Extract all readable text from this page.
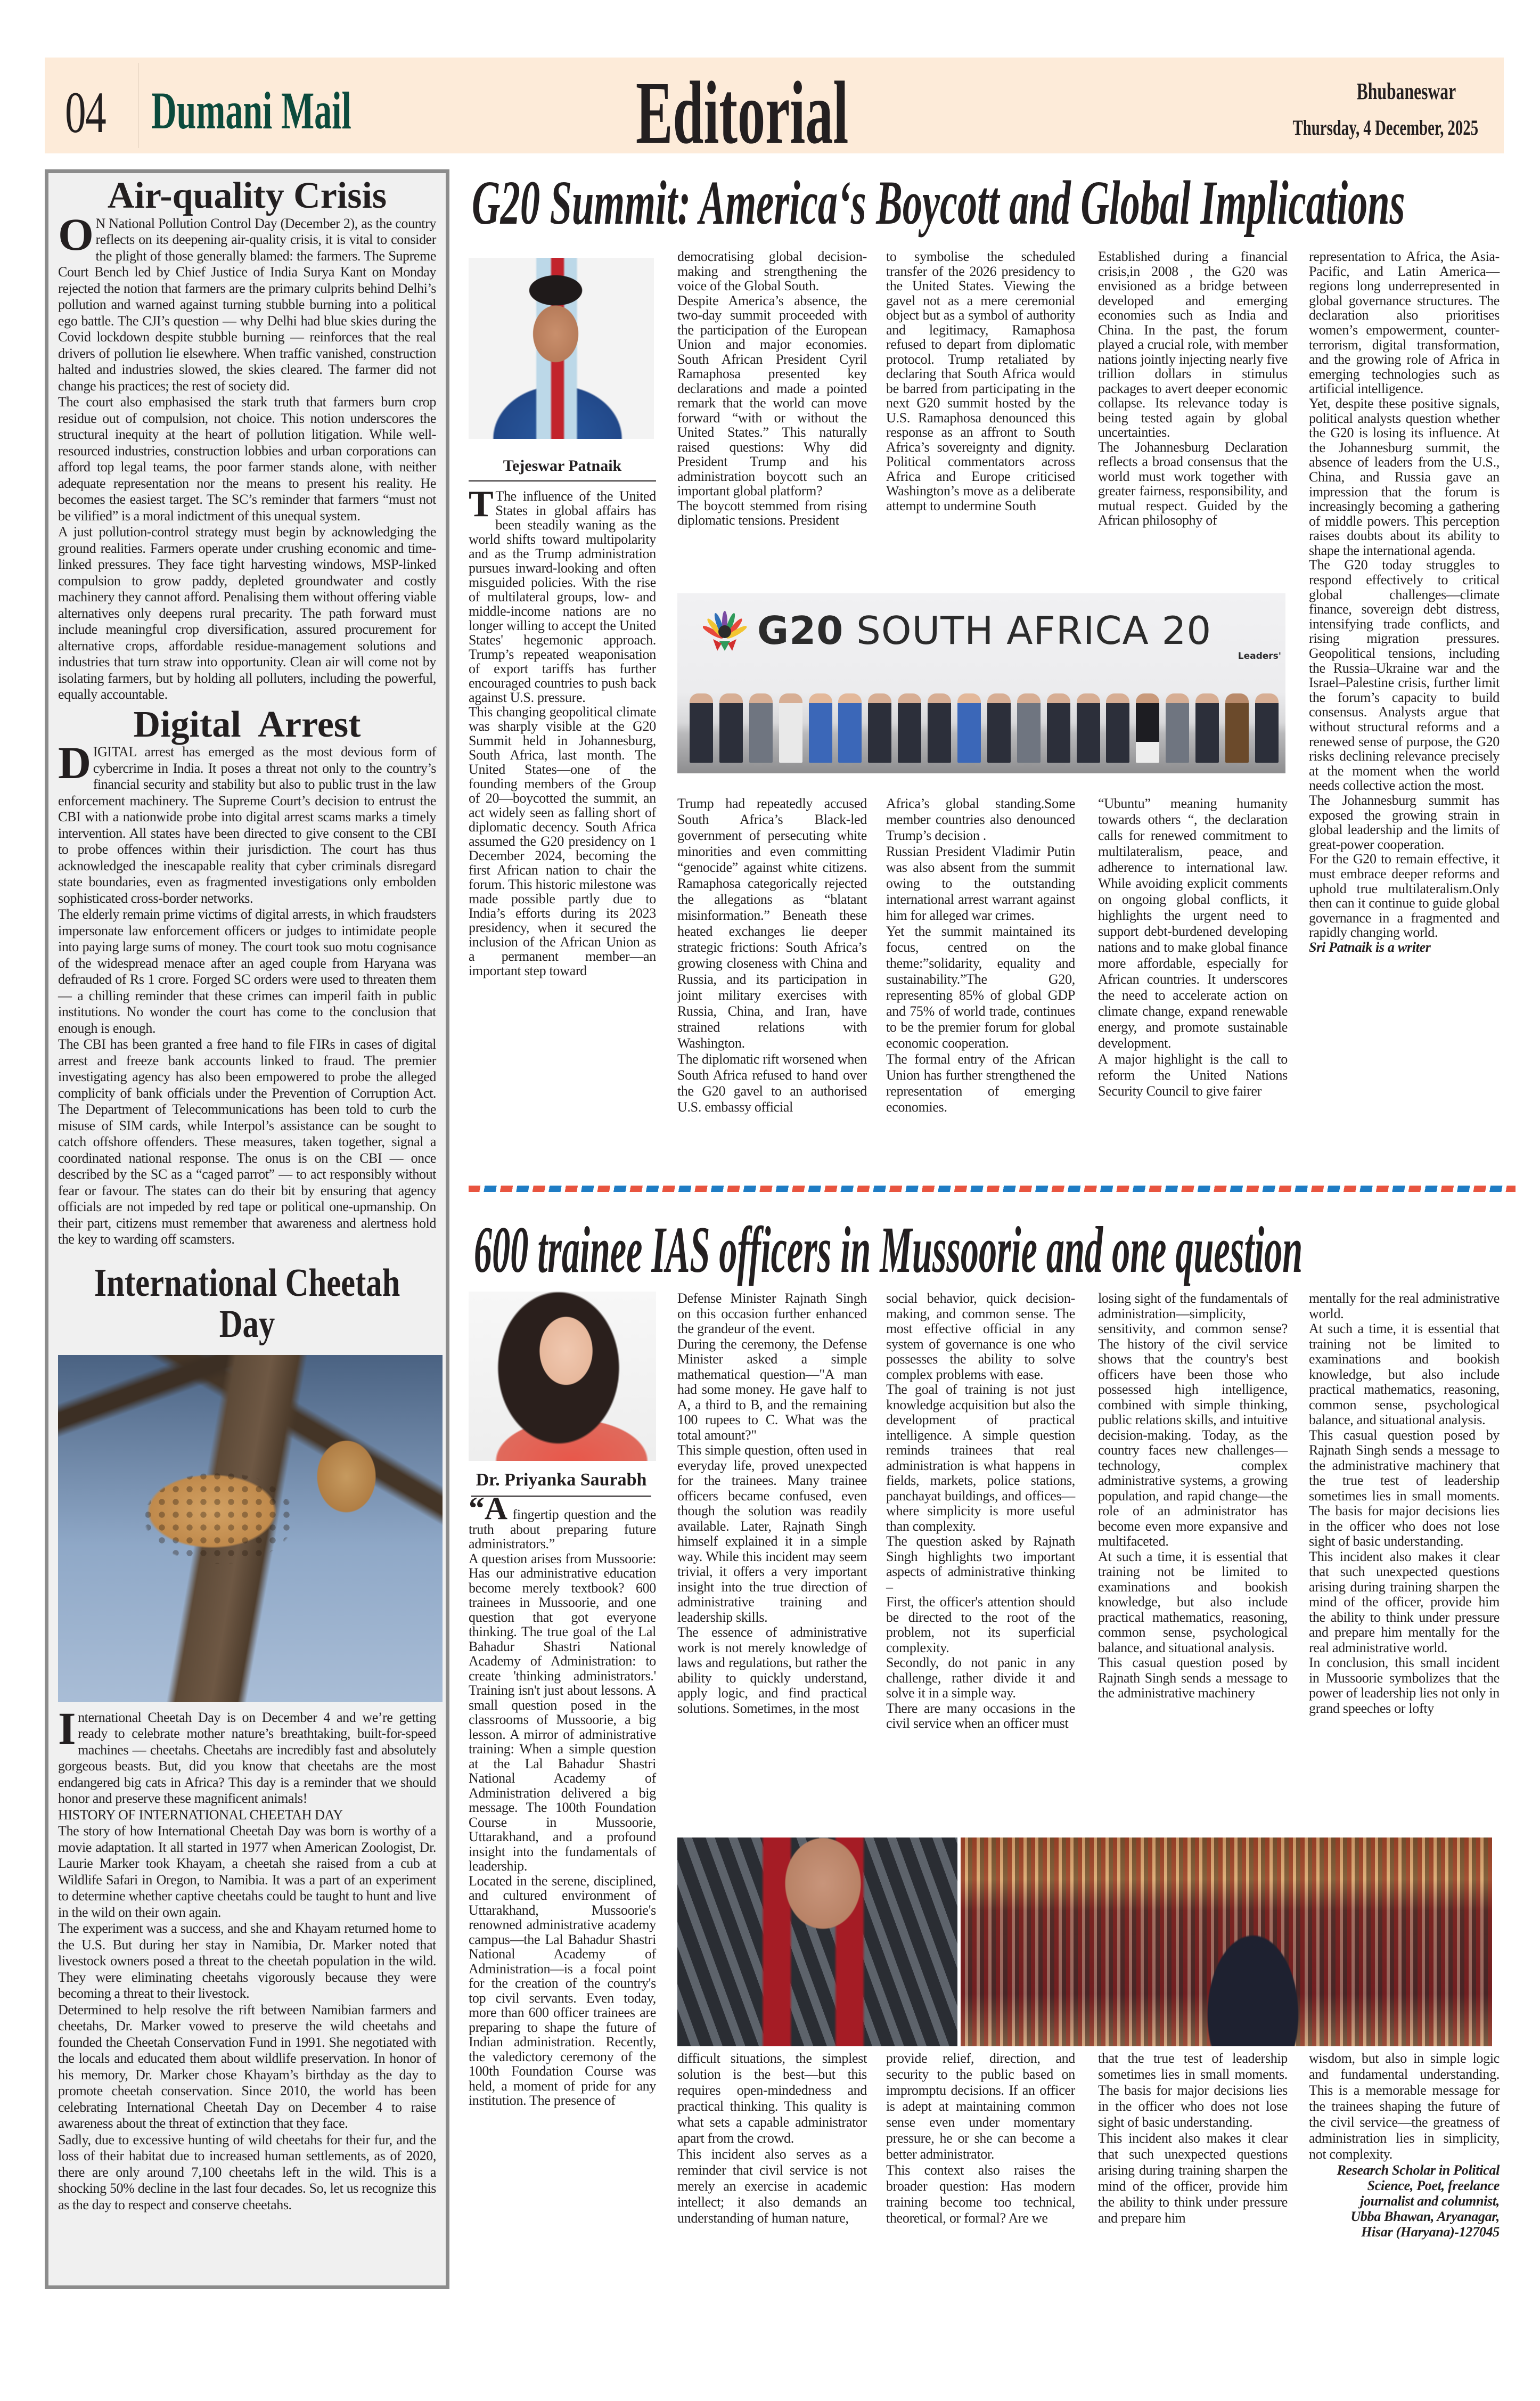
04 Dumani Mail	Editorial	Bhubaneswar
Thursday, 4 December, 2025
Air-quality Crisis

O N National Pollution Control Day (December 2), as the country reflects on its deepening air-quality crisis, it is vital to consider the plight of those generally blamed: the farmers. The Supreme Court Bench led by Chief Justice of India Surya Kant on Monday rejected the notion that farmers are the primary culprits behind Delhi’s pollution and warned against turning stubble burning into a political ego battle. The CJI’s question — why Delhi had blue skies during the Covid lockdown despite stubble burning — reinforces that the real drivers of pollution lie elsewhere. When traffic vanished, construction halted and industries slowed, the skies cleared. The farmer did not change his practices; the rest of society did.

The court also emphasised the stark truth that farmers burn crop residue out of compulsion, not choice. This notion underscores the structural inequity at the heart of pollution litigation. While well-resourced industries, construction lobbies and urban corporations can afford top legal teams, the poor farmer stands alone, with neither adequate representation nor the means to present his reality. He becomes the easiest target. The SC’s reminder that farmers “must not be vilified” is a moral indictment of this unequal system.

A just pollution-control strategy must begin by acknowledging the ground realities. Farmers operate under crushing economic and time-linked pressures. They face tight harvesting windows, MSP-linked compulsion to grow paddy, depleted groundwater and costly machinery they cannot afford. Penalising them without offering viable alternatives only deepens rural precarity. The path forward must include meaningful crop diversification, assured procurement for alternative crops, affordable residue-management solutions and industries that turn straw into opportunity. Clean air will come not by isolating farmers, but by holding all polluters, including the powerful, equally accountable.

Digital Arrest

DIGITAL arrest has emerged as the most devious form of cybercrime in India. It poses a threat not only to the country’s financial security and stability but also to public trust in the law enforcement machinery. The Supreme Court’s decision to entrust the CBI with a nationwide probe into digital arrest scams marks a timely intervention. All states have been directed to give consent to the CBI to probe offences within their jurisdiction. The court has thus acknowledged the inescapable reality that cyber criminals disregard state boundaries, even as fragmented investigations only embolden sophisticated cross-border networks.

The elderly remain prime victims of digital arrests, in which fraudsters impersonate law enforcement officers or judges to intimidate people into paying large sums of money. The court took suo motu cognisance of the widespread menace after an aged couple from Haryana was defrauded of Rs 1 crore. Forged SC orders were used to threaten them — a chilling reminder that these crimes can imperil faith in public institutions. No wonder the court has come to the conclusion that enough is enough.

The CBI has been granted a free hand to file FIRs in cases of digital arrest and freeze bank accounts linked to fraud. The premier investigating agency has also been empowered to probe the alleged complicity of bank officials under the Prevention of Corruption Act. The Department of Telecommunications has been told to curb the misuse of SIM cards, while Interpol’s assistance can be sought to catch offshore offenders. These measures, taken together, signal a coordinated national response. The onus is on the CBI — once described by the SC as a “caged parrot” — to act responsibly without fear or favour. The states can do their bit by ensuring that agency officials are not impeded by red tape or political one-upmanship. On their part, citizens must remember that awareness and alertness hold the key to warding off scamsters.

International Cheetah Day

International Cheetah Day is on December 4 and we’re getting ready to celebrate mother nature’s breathtaking, built-for-speed machines — cheetahs. Cheetahs are incredibly fast and absolutely gorgeous beasts. But, did you know that cheetahs are the most endangered big cats in Africa? This day is a reminder that we should honor and preserve these magnificent animals!

HISTORY OF INTERNATIONAL CHEETAH DAY

The story of how International Cheetah Day was born is worthy of a movie adaptation. It all started in 1977 when American Zoologist, Dr. Laurie Marker took Khayam, a cheetah she raised from a cub at Wildlife Safari in Oregon, to Namibia. It was a part of an experiment to determine whether captive cheetahs could be taught to hunt and live in the wild on their own again.

The experiment was a success, and she and Khayam returned home to the U.S. But during her stay in Namibia, Dr. Marker noted that livestock owners posed a threat to the cheetah population in the wild. They were eliminating cheetahs vigorously because they were becoming a threat to their livestock.

Determined to help resolve the rift between Namibian farmers and cheetahs, Dr. Marker vowed to preserve the wild cheetahs and founded the Cheetah Conservation Fund in 1991. She negotiated with the locals and educated them about wildlife preservation. In honor of his memory, Dr. Marker chose Khayam’s birthday as the day to promote cheetah conservation. Since 2010, the world has been celebrating International Cheetah Day on December 4 to raise awareness about the threat of extinction that they face.

Sadly, due to excessive hunting of wild cheetahs for their fur, and the loss of their habitat due to increased human settlements, as of 2020, there are only around 7,100 cheetahs left in the wild. This is a shocking 50% decline in the last four decades. So, let us recognize this as the day to respect and conserve cheetahs.

G20 Summit: America‘s Boycott and Global Implications
Tejeswar Patnaik

T The influence of the United States in global affairs has been steadily waning as the world shifts toward multipolarity and as the Trump administration pursues inward-looking and often misguided policies. With the rise of multilateral groups, low- and middle-income nations are no longer willing to accept the United States' hegemonic approach. Trump’s repeated weaponisation of export tariffs has further encouraged countries to push back against U.S. pressure.

This changing geopolitical climate was sharply visible at the G20 Summit held in Johannesburg, South Africa, last month. The United States—one of the founding members of the Group of 20—boycotted the summit, an act widely seen as falling short of diplomatic decency. South Africa assumed the G20 presidency on 1 December 2024, becoming the first African nation to chair the forum. This historic milestone was made possible partly due to India’s efforts during its 2023 presidency, when it secured the inclusion of the African Union as a permanent member—an important step toward

democratising global decision-making and strengthening the voice of the Global South.

Despite America’s absence, the two-day summit proceeded with the participation of the European Union and major economies. South African President Cyril Ramaphosa presented key declarations and made a pointed remark that the world can move forward “with or without the United States.” This naturally raised questions: Why did President Trump and his administration boycott such an important global platform?

The boycott stemmed from rising diplomatic tensions. President

to symbolise the scheduled transfer of the 2026 presidency to the United States. Viewing the gavel not as a mere ceremonial object but as a symbol of authority and legitimacy, Ramaphosa refused to depart from diplomatic protocol. Trump retaliated by declaring that South Africa would be barred from participating in the next G20 summit hosted by the U.S. Ramaphosa denounced this response as an affront to South Africa’s sovereignty and dignity. Political commentators across Africa and Europe criticised Washington’s move as a deliberate attempt to undermine South

Established during a financial crisis,in 2008 , the G20 was envisioned as a bridge between developed and emerging economies such as India and China. In the past, the forum played a crucial role, with member nations jointly injecting nearly five trillion dollars in stimulus packages to avert deeper economic collapse. Its relevance today is being tested again by global uncertainties.

The Johannesburg Declaration reflects a broad consensus that the world must work together with greater fairness, responsibility, and mutual respect. Guided by the African philosophy of

representation to Africa, the Asia-Pacific, and Latin America—regions long underrepresented in global governance structures. The declaration also prioritises women’s empowerment, counter-terrorism, digital transformation, and the growing role of Africa in emerging technologies such as artificial intelligence.

Yet, despite these positive signals, political analysts question whether the G20 is losing its influence. At the Johannesburg summit, the absence of leaders from the U.S., China, and Russia gave an impression that the forum is increasingly becoming a gathering of middle powers. This perception raises doubts about its ability to shape the international agenda.

The G20 today struggles to respond effectively to critical global challenges—climate finance, sovereign debt distress, intensifying trade conflicts, and rising migration pressures. Geopolitical tensions, including the Russia–Ukraine war and the Israel–Palestine crisis, further limit the forum’s capacity to build consensus. Analysts argue that without structural reforms and a renewed sense of purpose, the G20 risks declining relevance precisely at the moment when the world needs collective action the most.

The Johannesburg summit has exposed the growing strain in global leadership and the limits of great-power cooperation.

For the G20 to remain effective, it must embrace deeper reforms and uphold true multilateralism.Only then can it continue to guide global governance in a fragmented and rapidly changing world.

Sri Patnaik is a writer

G20 SOUTH AFRICA 20
Leaders'

Trump had repeatedly accused South Africa’s Black-led government of persecuting white minorities and even committing “genocide” against white citizens. Ramaphosa categorically rejected the allegations as “blatant misinformation.” Beneath these heated exchanges lie deeper strategic frictions: South Africa’s growing closeness with China and Russia, and its participation in joint military exercises with Russia, China, and Iran, have strained relations with Washington.

The diplomatic rift worsened when South Africa refused to hand over the G20 gavel to an authorised U.S. embassy official

Africa’s global standing.Some member countries also denounced Trump’s decision .

Russian President Vladimir Putin was also absent from the summit owing to the outstanding international arrest warrant against him for alleged war crimes.

Yet the summit maintained its focus, centred on the theme:”solidarity, equality and sustainability.”The G20, representing 85% of global GDP and 75% of world trade, continues to be the premier forum for global economic cooperation.

The formal entry of the African Union has further strengthened the representation of emerging economies.

“Ubuntu” meaning humanity towards others “, the declaration calls for renewed commitment to multilateralism, peace, and adherence to international law. While avoiding explicit comments on ongoing global conflicts, it highlights the urgent need to support debt-burdened developing nations and to make global finance more affordable, especially for African countries. It underscores the need to accelerate action on climate change, expand renewable energy, and promote sustainable development.

A major highlight is the call to reform the United Nations Security Council to give fairer

600 trainee IAS officers in Mussoorie and one question
Dr. Priyanka Saurabh

“A fingertip question and the truth about preparing future administrators.”

A question arises from Mussoorie: Has our administrative education become merely textbook? 600 trainees in Mussoorie, and one question that got everyone thinking. The true goal of the Lal Bahadur Shastri National Academy of Administration: to create 'thinking administrators.' Training isn't just about lessons. A small question posed in the classrooms of Mussoorie, a big lesson. A mirror of administrative training: When a simple question at the Lal Bahadur Shastri National Academy of Administration delivered a big message. The 100th Foundation Course in Mussoorie, Uttarakhand, and a profound insight into the fundamentals of leadership.

Located in the serene, disciplined, and cultured environment of Uttarakhand, Mussoorie's renowned administrative academy campus—the Lal Bahadur Shastri National Academy of Administration—is a focal point for the creation of the country's top civil servants. Even today, more than 600 officer trainees are preparing to shape the future of Indian administration. Recently, the valedictory ceremony of the 100th Foundation Course was held, a moment of pride for any institution. The presence of

Defense Minister Rajnath Singh on this occasion further enhanced the grandeur of the event.

During the ceremony, the Defense Minister asked a simple mathematical question—"A man had some money. He gave half to A, a third to B, and the remaining 100 rupees to C. What was the total amount?"

This simple question, often used in everyday life, proved unexpected for the trainees. Many trainee officers became confused, even though the solution was readily available. Later, Rajnath Singh himself explained it in a simple way. While this incident may seem trivial, it offers a very important insight into the true direction of administrative training and leadership skills.

The essence of administrative work is not merely knowledge of laws and regulations, but rather the ability to quickly understand, apply logic, and find practical solutions. Sometimes, in the most

social behavior, quick decision-making, and common sense. The most effective official in any system of governance is one who possesses the ability to solve complex problems with ease.

The goal of training is not just knowledge acquisition but also the development of practical intelligence. A simple question reminds trainees that real administration is what happens in fields, markets, police stations, panchayat buildings, and offices—where simplicity is more useful than complexity.

The question asked by Rajnath Singh highlights two important aspects of administrative thinking –

First, the officer's attention should be directed to the root of the problem, not its superficial complexity.

Secondly, do not panic in any challenge, rather divide it and solve it in a simple way.

There are many occasions in the civil service when an officer must

losing sight of the fundamentals of administration—simplicity, sensitivity, and common sense? The history of the civil service shows that the country's best officers have been those who possessed high intelligence, combined with simple thinking, public relations skills, and intuitive decision-making. Today, as the country faces new challenges—technology, complex administrative systems, a growing population, and rapid change—the role of an administrator has become even more expansive and multifaceted.

At such a time, it is essential that training not be limited to examinations and bookish knowledge, but also include practical mathematics, reasoning, common sense, psychological balance, and situational analysis.

This casual question posed by Rajnath Singh sends a message to the administrative machinery

mentally for the real administrative world.

At such a time, it is essential that training not be limited to examinations and bookish knowledge, but also include practical mathematics, reasoning, common sense, psychological balance, and situational analysis.

This casual question posed by Rajnath Singh sends a message to the administrative machinery that the true test of leadership sometimes lies in small moments. The basis for major decisions lies in the officer who does not lose sight of basic understanding.

This incident also makes it clear that such unexpected questions arising during training sharpen the mind of the officer, provide him the ability to think under pressure and prepare him mentally for the real administrative world.

In conclusion, this small incident in Mussoorie symbolizes that the power of leadership lies not only in grand speeches or lofty

difficult situations, the simplest solution is the best—but this requires open-mindedness and practical thinking. This quality is what sets a capable administrator apart from the crowd.

This incident also serves as a reminder that civil service is not merely an exercise in academic intellect; it also demands an understanding of human nature,

provide relief, direction, and security to the public based on impromptu decisions. If an officer is adept at maintaining common sense even under momentary pressure, he or she can become a better administrator.

This context also raises the broader question: Has modern training become too technical, theoretical, or formal? Are we

that the true test of leadership sometimes lies in small moments. The basis for major decisions lies in the officer who does not lose sight of basic understanding.

This incident also makes it clear that such unexpected questions arising during training sharpen the mind of the officer, provide him the ability to think under pressure and prepare him

wisdom, but also in simple logic and fundamental understanding. This is a memorable message for the trainees shaping the future of the civil service—the greatness of administration lies in simplicity, not complexity.

Research Scholar in Political
Science, Poet, freelance
journalist and columnist,
Ubba Bhawan, Aryanagar,
Hisar (Haryana)-127045
